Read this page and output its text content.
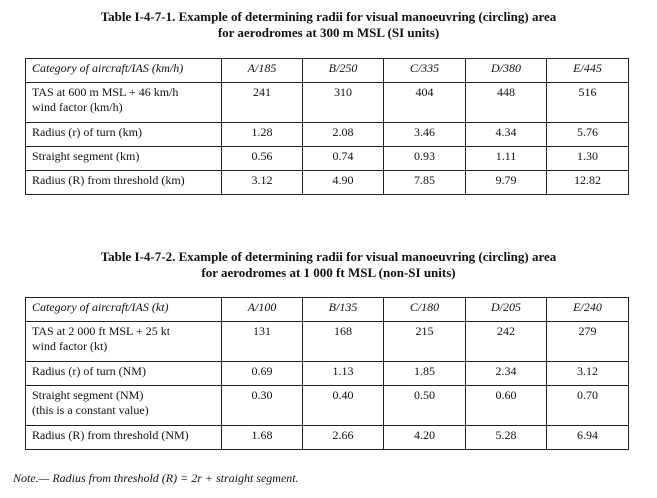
Table I-4-7-1. Example of determining radii for visual manoeuvring (circling) area
for aerodromes at 300 m MSL (SI units)
Category of aircraft/IAS (km/h)	A/185	B/250	C/335	D/380	E/445

TAS at 600 m MSL + 46 km/h
wind factor (km/h)	241	310	404	448	516
Radius (r) of turn (km)	1.28	2.08	3.46	4.34	5.76
Straight segment (km)	0.56	0.74	0.93	1.11	1.30
Radius (R) from threshold (km)	3.12	4.90	7.85	9.79	12.82
Table I-4-7-2. Example of determining radii for visual manoeuvring (circling) area
for aerodromes at 1 000 ft MSL (non-SI units)
Category of aircraft/IAS (kt)	A/100	B/135	C/180	D/205	E/240

TAS at 2 000 ft MSL + 25 kt
wind factor (kt)	131	168	215	242	279
Radius (r) of turn (NM)	0.69	1.13	1.85	2.34	3.12

Straight segment (NM)
(this is a constant value)	0.30	0.40	0.50	0.60	0.70
Radius (R) from threshold (NM)	1.68	2.66	4.20	5.28	6.94
Note.— Radius from threshold (R) = 2r + straight segment.
